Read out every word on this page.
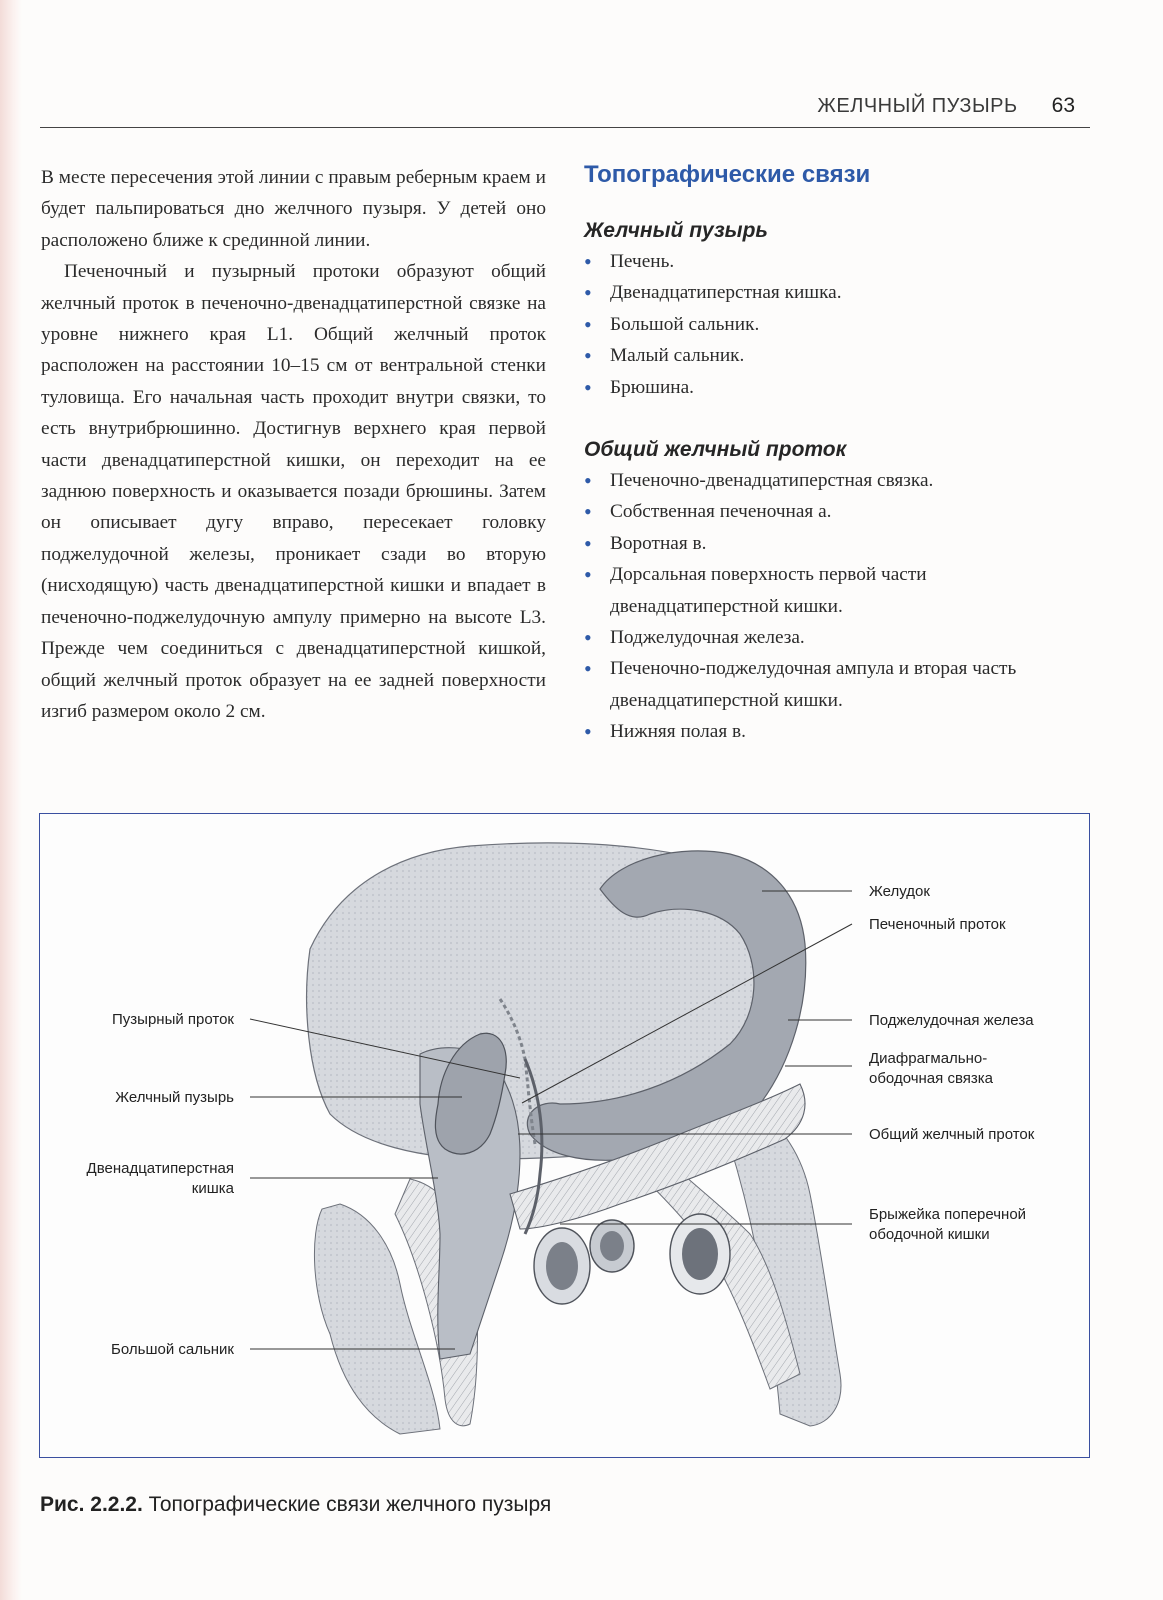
ЖЕЛЧНЫЙ ПУЗЫРЬ 63

В месте пересечения этой линии с правым реберным краем и будет пальпироваться дно желчного пузыря. У детей оно расположено ближе к срединной линии.

Печеночный и пузырный протоки образуют общий желчный проток в печеночно-двенадцатиперстной связке на уровне нижнего края L1. Общий желчный проток расположен на расстоянии 10–15 см от вентральной стенки туловища. Его начальная часть проходит внутри связки, то есть внутрибрюшинно. Достигнув верхнего края первой части двенадцатиперстной кишки, он переходит на ее заднюю поверхность и оказывается позади брюшины. Затем он описывает дугу вправо, пересекает головку поджелудочной железы, проникает сзади во вторую (нисходящую) часть двенадцатиперстной кишки и впадает в печеночно-поджелудочную ампулу примерно на высоте L3. Прежде чем соединиться с двенадцатиперстной кишкой, общий желчный проток образует на ее задней поверхности изгиб размером около 2 см.

Топографические связи
Желчный пузырь
• Печень.
• Двенадцатиперстная кишка.
• Большой сальник.
• Малый сальник.
• Брюшина.
Общий желчный проток
• Печеночно-двенадцатиперстная связка.
• Собственная печеночная а.
• Воротная в.
• Дорсальная поверхность первой части двенадцатиперстной кишки.
• Поджелудочная железа.
• Печеночно-поджелудочная ампула и вторая часть двенадцатиперстной кишки.
• Нижняя полая в.
Пузырный проток
Желчный пузырь
Двенадцатиперстная
кишка
Большой сальник
Желудок
Печеночный проток
Поджелудочная железа
Диафрагмально-
ободочная связка
Общий желчный проток
Брыжейка поперечной
ободочной кишки
Рис. 2.2.2. Топографические связи желчного пузыря
